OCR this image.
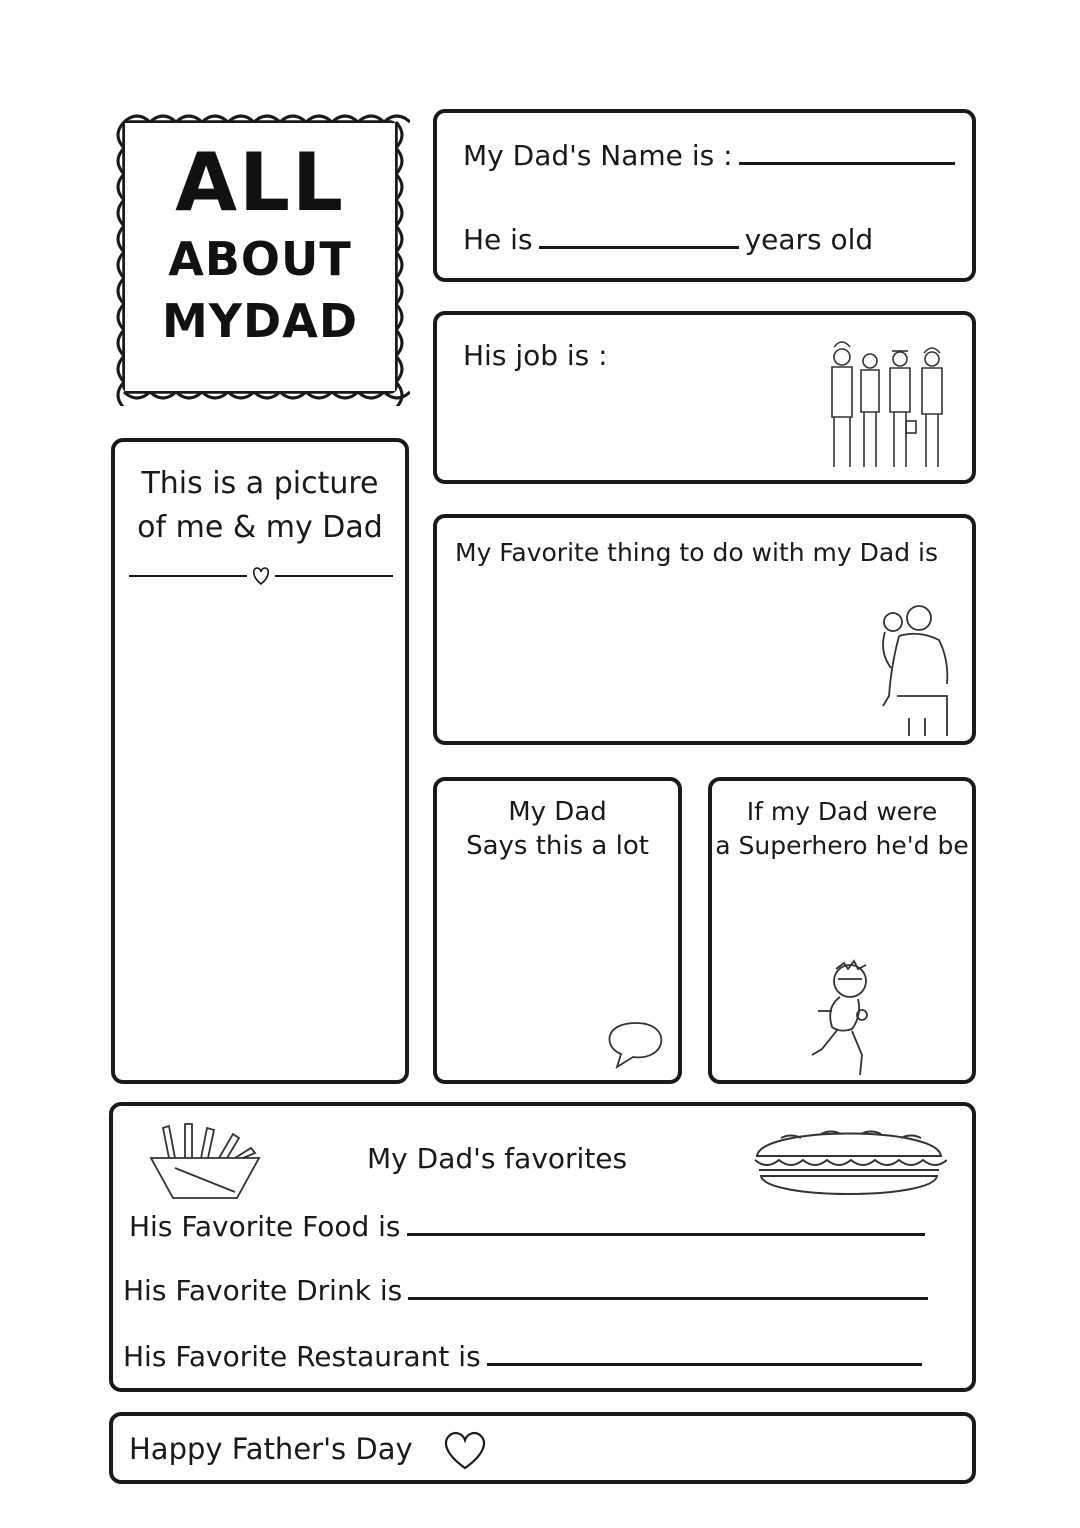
ALL
ABOUT
MYDAD
My Dad's Name is :
He is	years old
His job is :
My Favorite thing to do with my Dad is
This is a picture
of me & my Dad
My Dad
Says this a lot
If my Dad were
a Superhero he'd be
My Dad's favorites
His Favorite Food is
His Favorite Drink is
His Favorite Restaurant is
Happy Father's Day
